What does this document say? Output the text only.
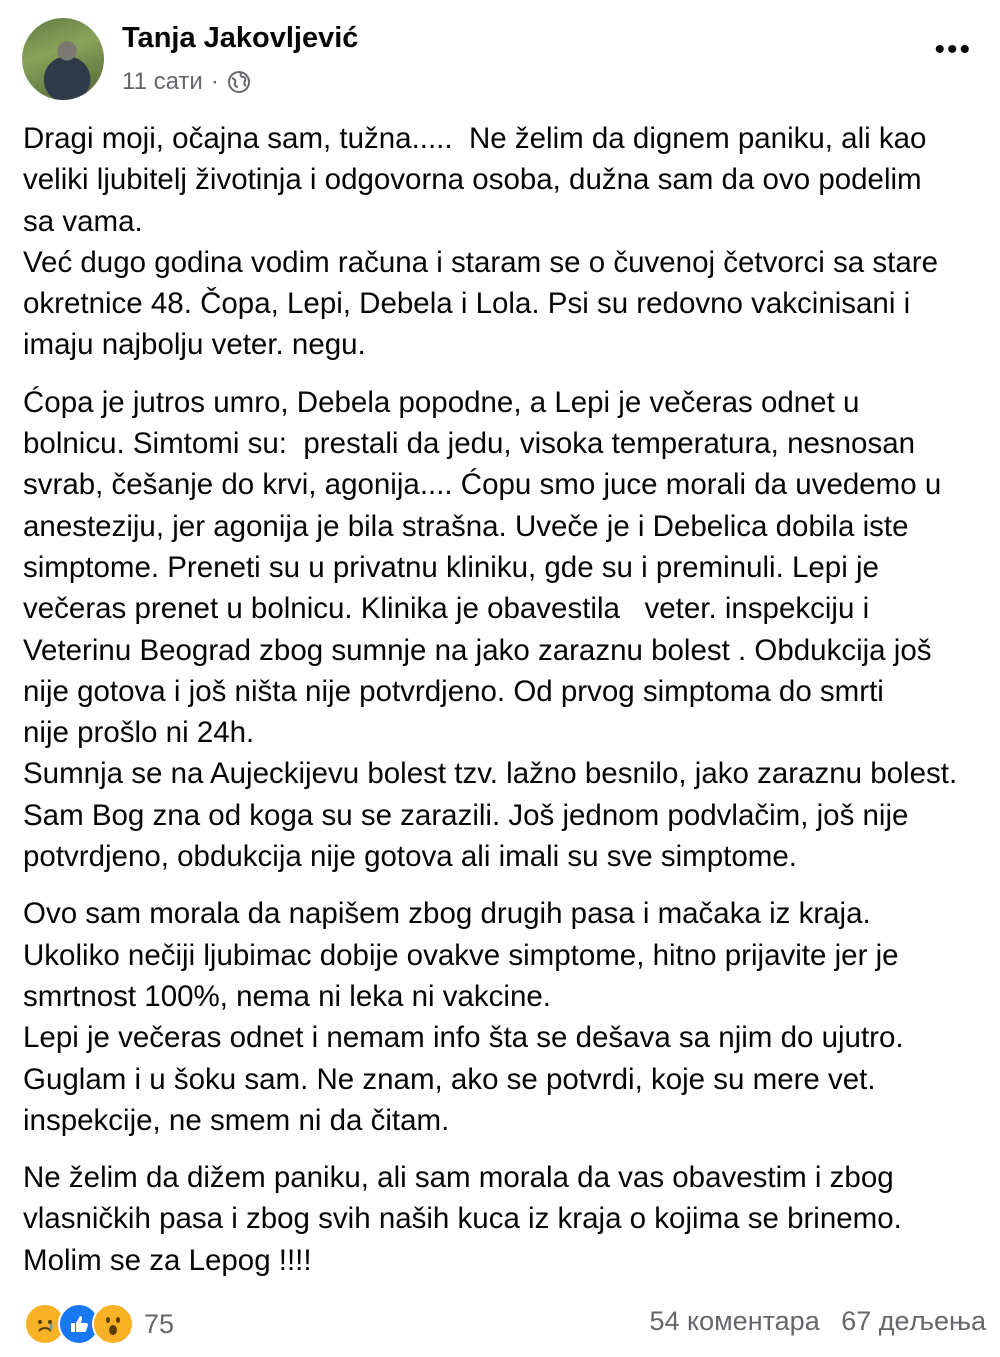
Tanja Jakovljević
11 сати ·
•••

Dragi moji, očajna sam, tužna.....  Ne želim da dignem paniku, ali kao
veliki ljubitelj životinja i odgovorna osoba, dužna sam da ovo podelim
sa vama.
Već dugo godina vodim računa i staram se o čuvenoj četvorci sa stare
okretnice 48. Čopa, Lepi, Debela i Lola. Psi su redovno vakcinisani i
imaju najbolju veter. negu.

Ćopa je jutros umro, Debela popodne, a Lepi je večeras odnet u
bolnicu. Simtomi su:  prestali da jedu, visoka temperatura, nesnosan
svrab, češanje do krvi, agonija.... Ćopu smo juce morali da uvedemo u
anesteziju, jer agonija je bila strašna. Uveče je i Debelica dobila iste
simptome. Preneti su u privatnu kliniku, gde su i preminuli. Lepi je
večeras prenet u bolnicu. Klinika je obavestila   veter. inspekciju i
Veterinu Beograd zbog sumnje na jako zaraznu bolest . Obdukcija još
nije gotova i još ništa nije potvrdjeno. Od prvog simptoma do smrti
nije prošlo ni 24h.
Sumnja se na Aujeckijevu bolest tzv. lažno besnilo, jako zaraznu bolest.
Sam Bog zna od koga su se zarazili. Još jednom podvlačim, još nije
potvrdjeno, obdukcija nije gotova ali imali su sve simptome.

Ovo sam morala da napišem zbog drugih pasa i mačaka iz kraja.
Ukoliko nečiji ljubimac dobije ovakve simptome, hitno prijavite jer je
smrtnost 100%, nema ni leka ni vakcine.
Lepi je večeras odnet i nemam info šta se dešava sa njim do ujutro.
Guglam i u šoku sam. Ne znam, ako se potvrdi, koje su mere vet.
inspekcije, ne smem ni da čitam.

Ne želim da dižem paniku, ali sam morala da vas obavestim i zbog
vlasničkih pasa i zbog svih naših kuca iz kraja o kojima se brinemo.
Molim se za Lepog !!!!

75	54 коментара 67 дељења
